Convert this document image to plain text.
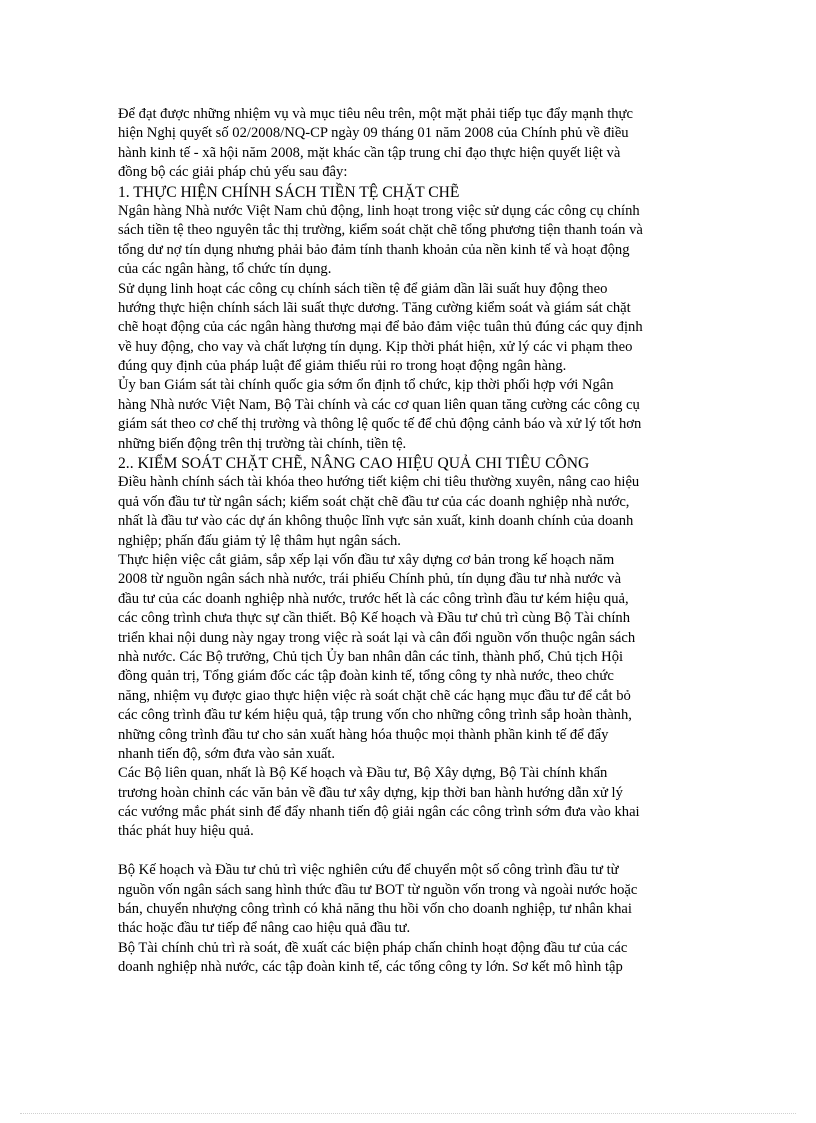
Để đạt được những nhiệm vụ và mục tiêu nêu trên, một mặt phải tiếp tục đẩy mạnh thực
hiện Nghị quyết số 02/2008/NQ-CP ngày 09 tháng 01 năm 2008 của Chính phủ về điều
hành kinh tế - xã hội năm 2008, mặt khác cần tập trung chỉ đạo thực hiện quyết liệt và
đồng bộ các giải pháp chủ yếu sau đây:
1. THỰC HIỆN CHÍNH SÁCH TIỀN TỆ CHẶT CHẼ
Ngân hàng Nhà nước Việt Nam chủ động, linh hoạt trong việc sử dụng các công cụ chính
sách tiền tệ theo nguyên tắc thị trường, kiểm soát chặt chẽ tổng phương tiện thanh toán và
tổng dư nợ tín dụng nhưng phải bảo đảm tính thanh khoản của nền kinh tế và hoạt động
của các ngân hàng, tổ chức tín dụng.
Sử dụng linh hoạt các công cụ chính sách tiền tệ để giảm dần lãi suất huy động theo
hướng thực hiện chính sách lãi suất thực dương. Tăng cường kiểm soát và giám sát chặt
chẽ hoạt động của các ngân hàng thương mại để bảo đảm việc tuân thủ đúng các quy định
về huy động, cho vay và chất lượng tín dụng. Kịp thời phát hiện, xử lý các vi phạm theo
đúng quy định của pháp luật để giảm thiểu rủi ro trong hoạt động ngân hàng.
Ủy ban Giám sát tài chính quốc gia sớm ổn định tổ chức, kịp thời phối hợp với Ngân
hàng Nhà nước Việt Nam, Bộ Tài chính và các cơ quan liên quan tăng cường các công cụ
giám sát theo cơ chế thị trường và thông lệ quốc tế để chủ động cảnh báo và xử lý tốt hơn
những biến động trên thị trường tài chính, tiền tệ.
2.. KIỂM SOÁT CHẶT CHẼ, NÂNG CAO HIỆU QUẢ CHI TIÊU CÔNG
Điều hành chính sách tài khóa theo hướng tiết kiệm chi tiêu thường xuyên, nâng cao hiệu
quả vốn đầu tư từ ngân sách; kiểm soát chặt chẽ đầu tư của các doanh nghiệp nhà nước,
nhất là đầu tư vào các dự án không thuộc lĩnh vực sản xuất, kinh doanh chính của doanh
nghiệp; phấn đấu giảm tỷ lệ thâm hụt ngân sách.
Thực hiện việc cắt giảm, sắp xếp lại vốn đầu tư xây dựng cơ bản trong kế hoạch năm
2008 từ nguồn ngân sách nhà nước, trái phiếu Chính phủ, tín dụng đầu tư nhà nước và
đầu tư của các doanh nghiệp nhà nước, trước hết là các công trình đầu tư kém hiệu quả,
các công trình chưa thực sự cần thiết. Bộ Kế hoạch và Đầu tư chủ trì cùng Bộ Tài chính
triển khai nội dung này ngay trong việc rà soát lại và cân đối nguồn vốn thuộc ngân sách
nhà nước. Các Bộ trưởng, Chủ tịch Ủy ban nhân dân các tỉnh, thành phố, Chủ tịch Hội
đồng quản trị, Tổng giám đốc các tập đoàn kinh tế, tổng công ty nhà nước, theo chức
năng, nhiệm vụ được giao thực hiện việc rà soát chặt chẽ các hạng mục đầu tư để cắt bỏ
các công trình đầu tư kém hiệu quả, tập trung vốn cho những công trình sắp hoàn thành,
những công trình đầu tư cho sản xuất hàng hóa thuộc mọi thành phần kinh tế để đẩy
nhanh tiến độ, sớm đưa vào sản xuất.
Các Bộ liên quan, nhất là Bộ Kế hoạch và Đầu tư, Bộ Xây dựng, Bộ Tài chính khẩn
trương hoàn chỉnh các văn bản về đầu tư xây dựng, kịp thời ban hành hướng dẫn xử lý
các vướng mắc phát sinh để đẩy nhanh tiến độ giải ngân các công trình sớm đưa vào khai
thác phát huy hiệu quả.
Bộ Kế hoạch và Đầu tư chủ trì việc nghiên cứu để chuyển một số công trình đầu tư từ
nguồn vốn ngân sách sang hình thức đầu tư BOT từ nguồn vốn trong và ngoài nước hoặc
bán, chuyển nhượng công trình có khả năng thu hồi vốn cho doanh nghiệp, tư nhân khai
thác hoặc đầu tư tiếp để nâng cao hiệu quả đầu tư.
Bộ Tài chính chủ trì rà soát, đề xuất các biện pháp chấn chỉnh hoạt động đầu tư của các
doanh nghiệp nhà nước, các tập đoàn kinh tế, các tổng công ty lớn. Sơ kết mô hình tập
